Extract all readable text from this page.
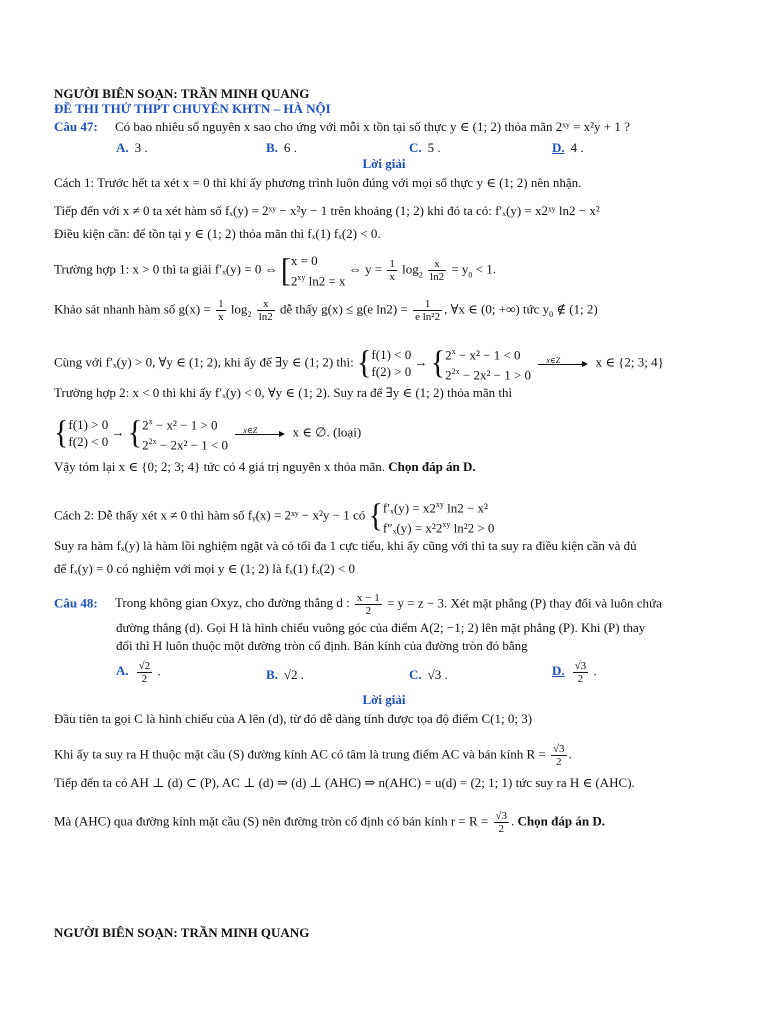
NGƯỜI BIÊN SOẠN: TRẦN MINH QUANG
ĐỀ THI THỬ THPT CHUYÊN KHTN – HÀ NỘI
Câu 47: Có bao nhiêu số nguyên x sao cho ứng với mỗi x tồn tại số thực y ∈ (1; 2) thỏa mãn 2ˣʸ = x²y + 1 ?
A. 3 .	B. 6 .	C. 5 .	D. 4 .
Lời giải
Cách 1: Trước hết ta xét x = 0 thì khi ấy phương trình luôn đúng với mọi số thực y ∈ (1; 2) nên nhận.
Tiếp đến với x ≠ 0 ta xét hàm số fₓ(y) = 2ˣʸ − x²y − 1 trên khoảng (1; 2) khi đó ta có: f′ₓ(y) = x2ˣʸ ln2 − x²
Điều kiện cần: để tồn tại y ∈ (1; 2) thỏa mãn thì fₓ(1) fₓ(2) < 0.
Trường hợp 1: x > 0 thì ta giải f′ₓ(y) = 0 ⇔ [x = 0
$2^{xy}$ ln2 = x ⇔ $y = \frac{1}{x} \log_2 \frac{x}{\ln 2} = y_0 < 1$.
Khảo sát nhanh hàm số $g(x) = \frac{1}{x} \log_2 \frac{x}{\ln 2}$ dễ thấy g(x) ≤ g(e $\ln 2) = \frac{1}{\text{e ln²2}}$ , ∀x ∈ (0; +∞) tức $y_0$ ∉ (1; 2)
Cùng với f′ₓ(y) > 0, ∀y ∈ (1; 2), khi ấy để ∃y ∈ (1; 2) thì: {f(1) < 0
$f(2) > 0 \to \{2^x - x^2 - 1 < 0$
$2^{2x} - 2x^2 - 1 > 0$
x∈Z x ∈ {2; 3; 4}
Trường hợp 2: x < 0 thì khi ấy f′ₓ(y) < 0, ∀y ∈ (1; 2). Suy ra để ∃y ∈ (1; 2) thỏa mãn thì
{f(1) > 0
$f(2) < 0 \to \{2^x - x^2 - 1 > 0$
$2^{2x} - 2x^2 - 1 < 0$
x∈Z x ∈ ∅. (loại)
Vậy tóm lại x ∈ {0; 2; 3; 4} tức có 4 giá trị nguyên x thỏa mãn. Chọn đáp án D.
Cách 2: Dễ thấy xét x ≠ 0 thì hàm số fᵧ(x) = 2ˣʸ − x²y − 1 có {$f'_x(y) = x2^{xy}$ ln2 − x²
$f''_x(y) = x^22^{xy}$ ln²2 > 0
Suy ra hàm fₓ(y) là hàm lồi nghiệm ngặt và có tối đa 1 cực tiểu, khi ấy cũng với thì ta suy ra điều kiện cần và đủ
để fₓ(y) = 0 có nghiệm với mọi y ∈ (1; 2) là fₓ(1) fₓ(2) < 0
Câu 48: Trong không gian Oxyz, cho đường thẳng d : $\frac{x - 1}{2} = y = z - 3$. Xét mặt phẳng (P) thay đổi và luôn chứa
đường thẳng (d). Gọi H là hình chiếu vuông góc của điểm A(2; −1; 2) lên mặt phẳng (P). Khi (P) thay
đổi thì H luôn thuộc một đường tròn cố định. Bán kính của đường tròn đó bằng
A. $\frac{√2}{2}$ .	B. √2 .	C. √3 .	D. $\frac{√3}{2}$ .
Lời giải
Đầu tiên ta gọi C là hình chiếu của A lên (d), từ đó dễ dàng tính được tọa độ điểm C(1; 0; 3)
Khi ấy ta suy ra H thuộc mặt cầu (S) đường kính AC có tâm là trung điểm AC và bán kính $R = \frac{√3}{2}$ .
Tiếp đến ta có AH ⊥ (d) ⊂ (P), AC ⊥ (d) ⇒ (d) ⊥ (AHC) ⇒ n(AHC) = u(d) = (2; 1; 1) tức suy ra H ∈ (AHC).
Mà (AHC) qua đường kính mặt cầu (S) nên đường tròn cố định có bán kính $r = R = \frac{√3}{2}$ . Chọn đáp án D.
NGƯỜI BIÊN SOẠN: TRẦN MINH QUANG
